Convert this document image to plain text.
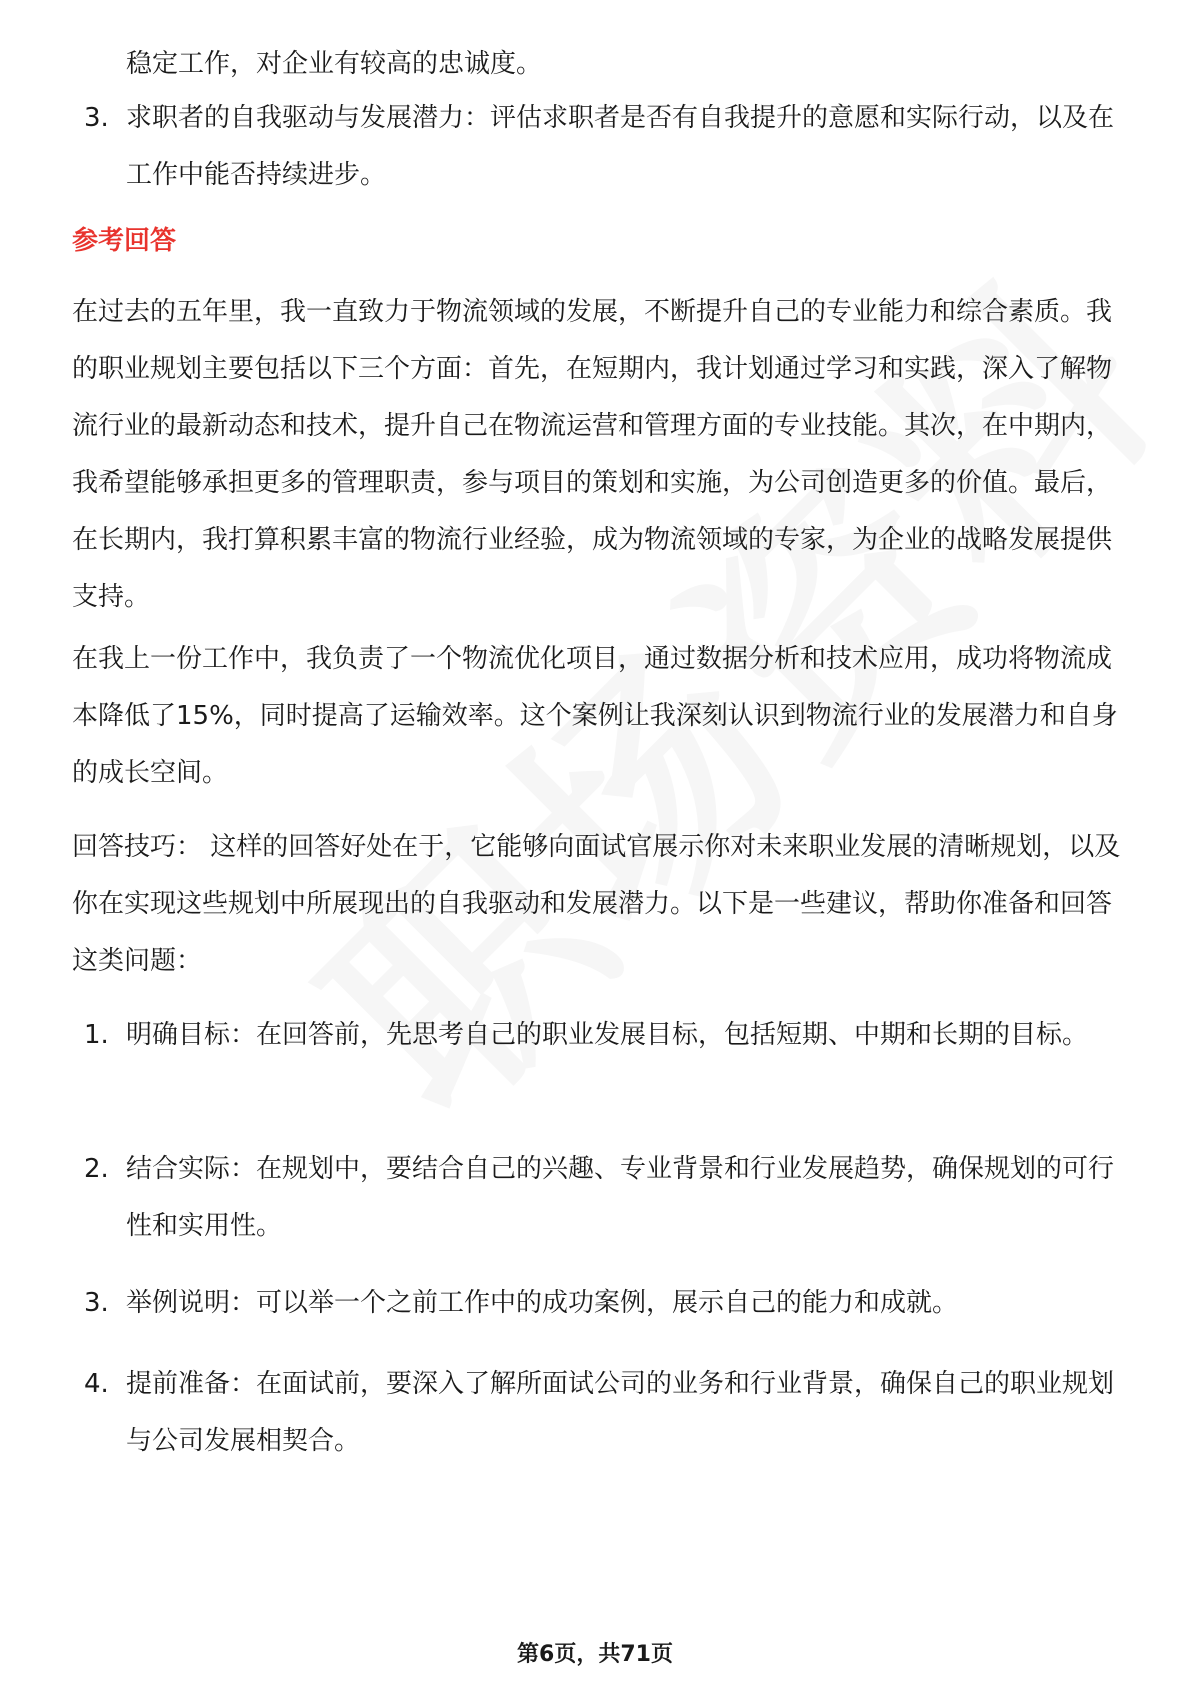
稳定工作，对企业有较高的忠诚度。

3. 求职者的自我驱动与发展潜力：评估求职者是否有自我提升的意愿和实际行动，以及在工作中能否持续进步。
参考回答

在过去的五年里，我一直致力于物流领域的发展，不断提升自己的专业能力和综合素质。我的职业规划主要包括以下三个方面：首先，在短期内，我计划通过学习和实践，深入了解物流行业的最新动态和技术，提升自己在物流运营和管理方面的专业技能。其次，在中期内，我希望能够承担更多的管理职责，参与项目的策划和实施，为公司创造更多的价值。最后，在长期内，我打算积累丰富的物流行业经验，成为物流领域的专家，为企业的战略发展提供支持。

在我上一份工作中，我负责了一个物流优化项目，通过数据分析和技术应用，成功将物流成本降低了15%，同时提高了运输效率。这个案例让我深刻认识到物流行业的发展潜力和自身的成长空间。

回答技巧： 这样的回答好处在于，它能够向面试官展示你对未来职业发展的清晰规划，以及你在实现这些规划中所展现出的自我驱动和发展潜力。以下是一些建议，帮助你准备和回答这类问题：

1. 明确目标：在回答前，先思考自己的职业发展目标，包括短期、中期和长期的目标。
2. 结合实际：在规划中，要结合自己的兴趣、专业背景和行业发展趋势，确保规划的可行性和实用性。
3. 举例说明：可以举一个之前工作中的成功案例，展示自己的能力和成就。
4. 提前准备：在面试前，要深入了解所面试公司的业务和行业背景，确保自己的职业规划与公司发展相契合。
第6页，共71页
